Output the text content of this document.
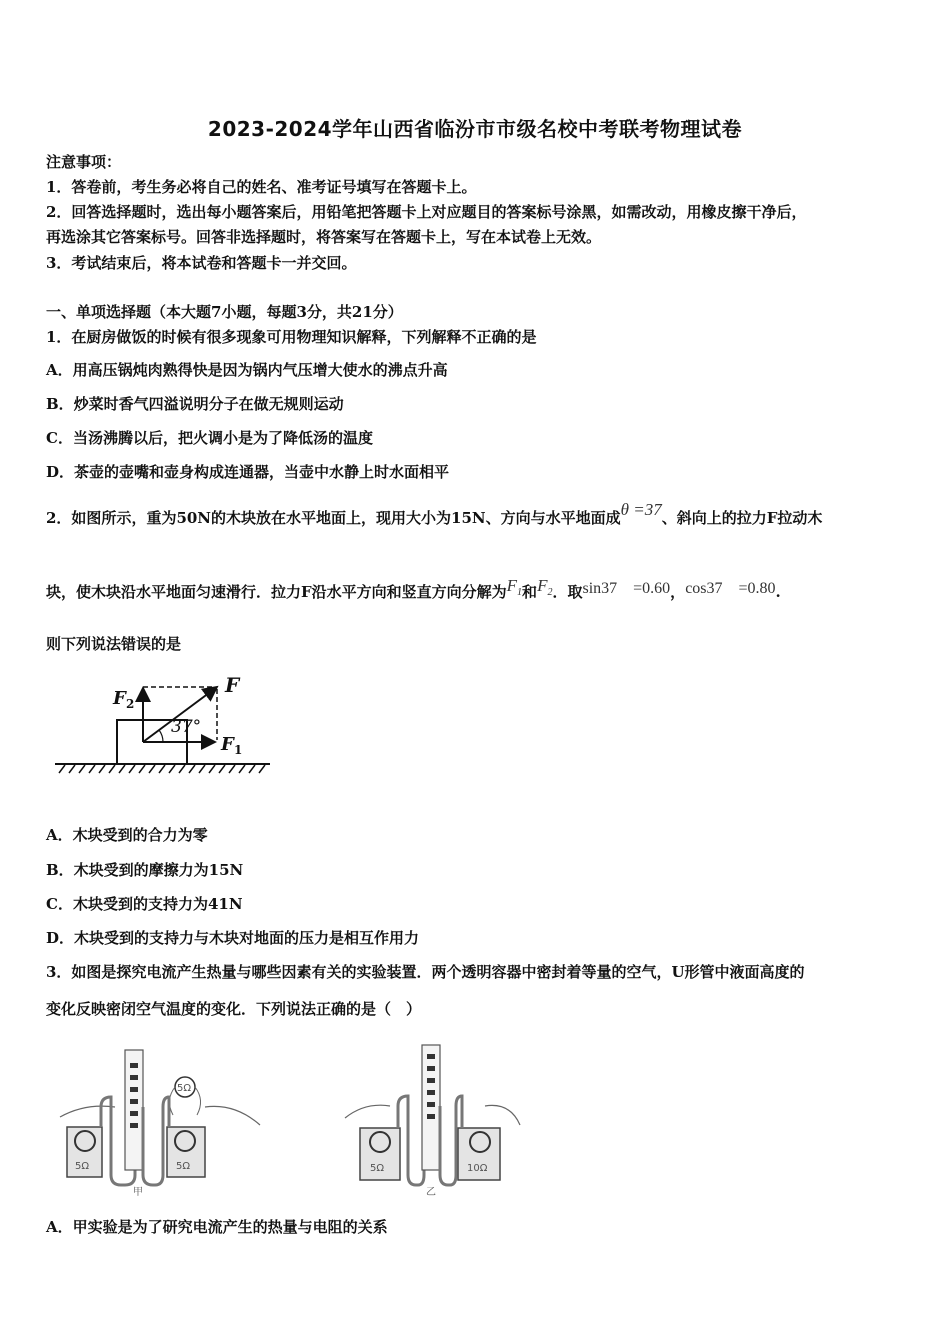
2023-2024学年山西省临汾市市级名校中考联考物理试卷
注意事项：
1．答卷前，考生务必将自己的姓名、准考证号填写在答题卡上。
2．回答选择题时，选出每小题答案后，用铅笔把答题卡上对应题目的答案标号涂黑，如需改动，用橡皮擦干净后，
再选涂其它答案标号。回答非选择题时，将答案写在答题卡上，写在本试卷上无效。
3．考试结束后，将本试卷和答题卡一并交回。
一、单项选择题（本大题7小题，每题3分，共21分）
1．在厨房做饭的时候有很多现象可用物理知识解释，下列解释不正确的是
A．用高压锅炖肉熟得快是因为锅内气压增大使水的沸点升高
B．炒菜时香气四溢说明分子在做无规则运动
C．当汤沸腾以后，把火调小是为了降低汤的温度
D．茶壶的壶嘴和壶身构成连通器，当壶中水静上时水面相平
2．如图所示，重为50N的木块放在水平地面上，现用大小为15N、方向与水平地面成θ =37、斜向上的拉力F拉动木
块，使木块沿水平地面匀速滑行．拉力F沿水平方向和竖直方向分解为$F_1$和$F_2$．取sin37 =0.60，cos37 =0.80.
则下列说法错误的是
37°
F
F 2
F 1
A．木块受到的合力为零
B．木块受到的摩擦力为15N
C．木块受到的支持力为41N
D．木块受到的支持力与木块对地面的压力是相互作用力
3．如图是探究电流产生热量与哪些因素有关的实验装置．两个透明容器中密封着等量的空气，U形管中液面高度的
变化反映密闭空气温度的变化．下列说法正确的是（　）
5Ω	5Ω
5Ω
甲
5Ω	10Ω
乙
A．甲实验是为了研究电流产生的热量与电阻的关系
